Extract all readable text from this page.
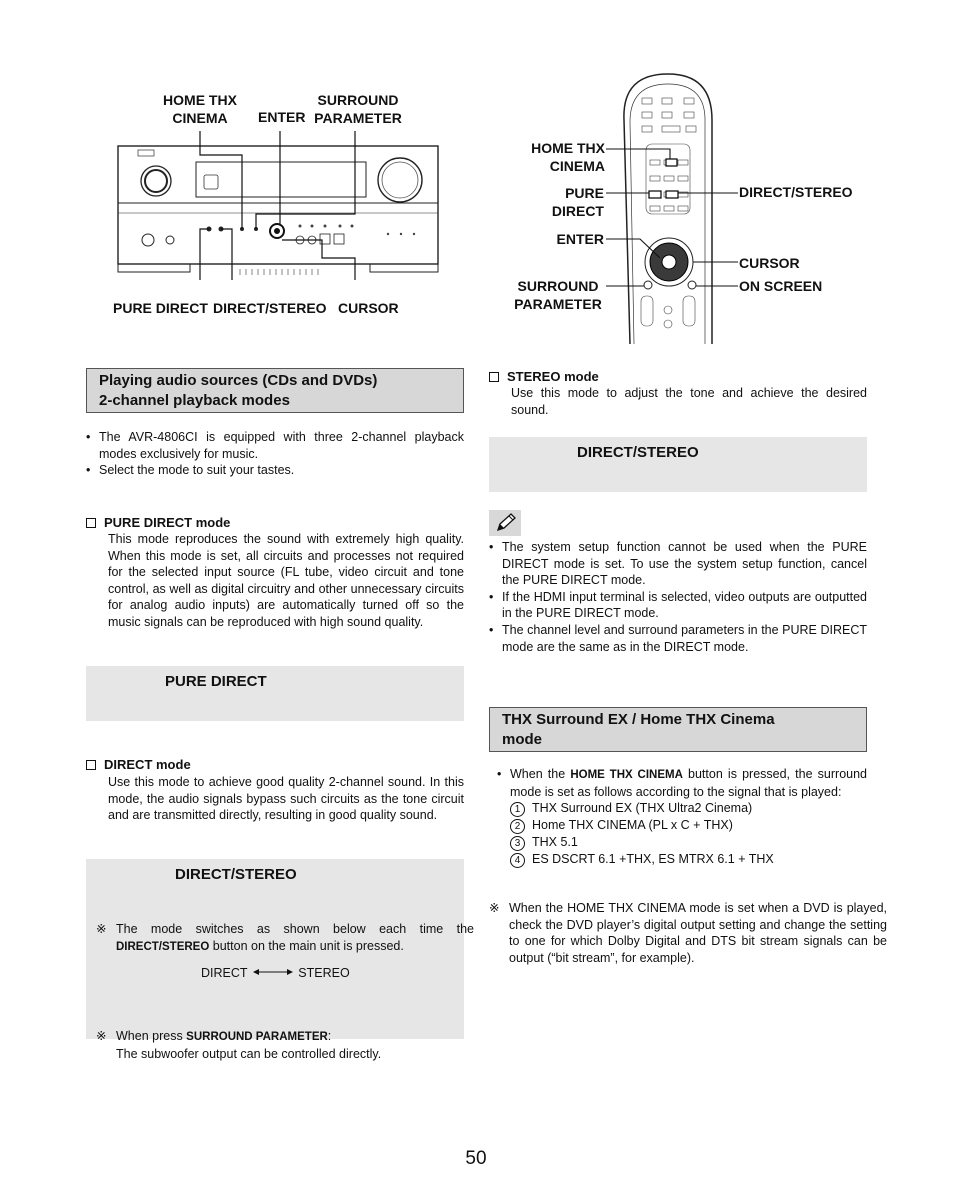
HOME THX
CINEMA	ENTER
SURROUND
PARAMETER
PURE DIRECT DIRECT/STEREO CURSOR
HOME THX
CINEMA
PURE DIRECT
ENTER
SURROUND
PARAMETER
DIRECT/STEREO
CURSOR
ON SCREEN
Playing audio sources (CDs and DVDs)
2-channel playback modes
• The AVR-4806CI is equipped with three 2-channel playback modes exclusively for music.
• Select the mode to suit your tastes.
PURE DIRECT mode
This mode reproduces the sound with extremely high quality. When this mode is set, all circuits and processes not required for the selected input source (FL tube, video circuit and tone control, as well as digital circuitry and other unnecessary circuits for analog audio inputs) are automatically turned off so the music signals can be reproduced with high sound quality.
PURE DIRECT
DIRECT mode
Use this mode to achieve good quality 2-channel sound. In this mode, the audio signals bypass such circuits as the tone circuit and are transmitted directly, resulting in good quality sound.
DIRECT/STEREO
※ The mode switches as shown below each time the DIRECT/STEREO button on the main unit is pressed.
DIRECT	STEREO
※ When press SURROUND PARAMETER:
The subwoofer output can be controlled directly.
STEREO mode
Use this mode to adjust the tone and achieve the desired sound.
DIRECT/STEREO
• The system setup function cannot be used when the PURE DIRECT mode is set. To use the system setup function, cancel the PURE DIRECT mode.
• If the HDMI input terminal is selected, video outputs are outputted in the PURE DIRECT mode.
• The channel level and surround parameters in the PURE DIRECT mode are the same as in the DIRECT mode.
THX Surround EX / Home THX Cinema
mode
• When the HOME THX CINEMA button is pressed, the surround mode is set as follows according to the signal that is played:
1 THX Surround EX (THX Ultra2 Cinema)
2 Home THX CINEMA (PL x C + THX)
3 THX 5.1
4 ES DSCRT 6.1 +THX, ES MTRX 6.1 + THX
※ When the HOME THX CINEMA mode is set when a DVD is played, check the DVD player’s digital output setting and change the setting to one for which Dolby Digital and DTS bit stream signals can be output (“bit stream”, for example).
50
